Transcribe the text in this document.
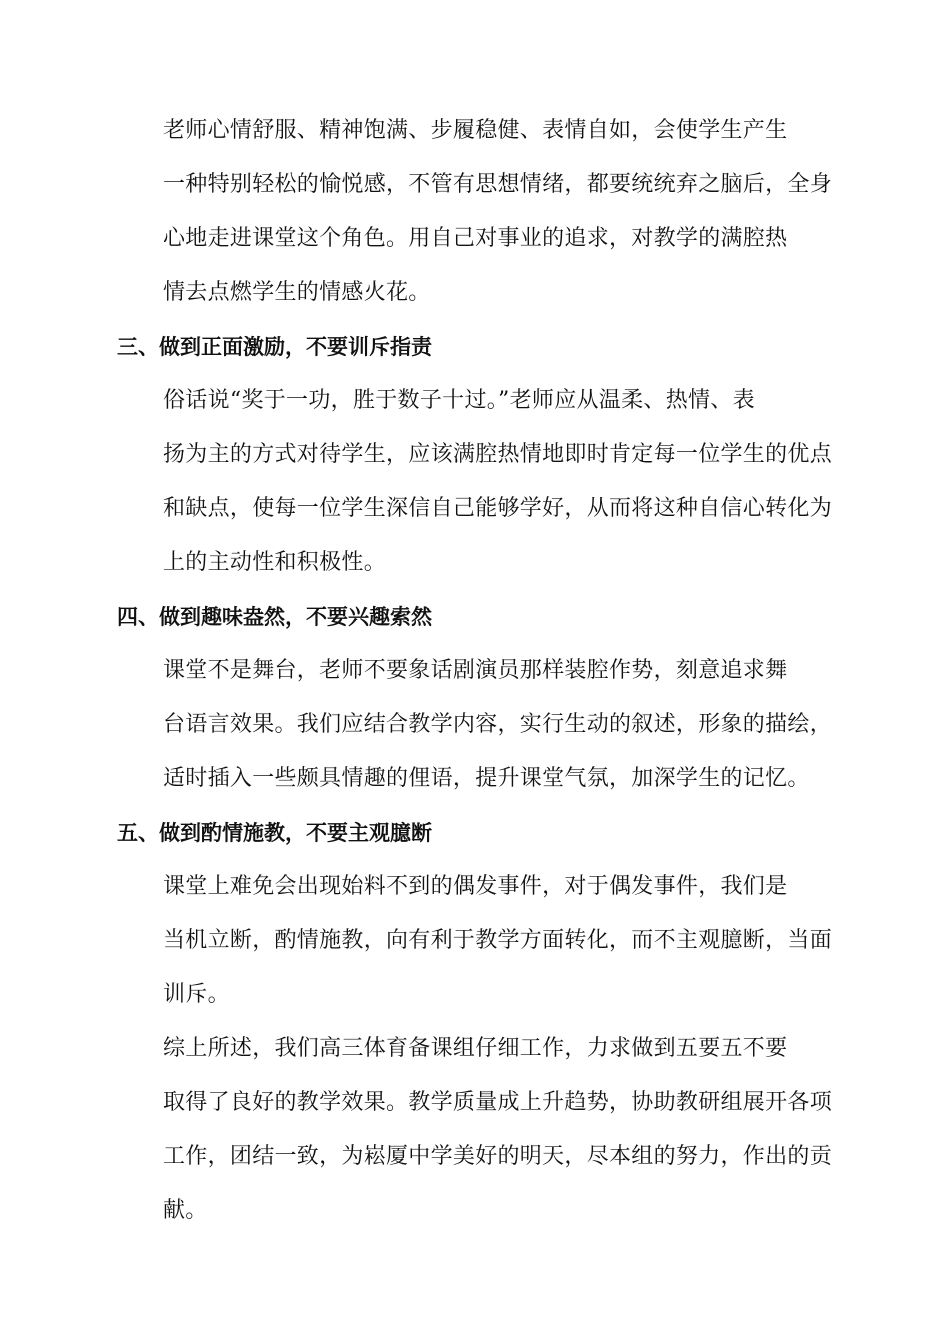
老师心情舒服、精神饱满、步履稳健、表情自如，会使学生产生
一种特别轻松的愉悦感，不管有思想情绪，都要统统弃之脑后，全身
心地走进课堂这个角色。用自己对事业的追求，对教学的满腔热
情去点燃学生的情感火花。
三、做到正面激励，不要训斥指责
俗话说“奖于一功，胜于数子十过。”老师应从温柔、热情、表
扬为主的方式对待学生，应该满腔热情地即时肯定每一位学生的优点
和缺点，使每一位学生深信自己能够学好，从而将这种自信心转化为
上的主动性和积极性。
四、做到趣味盎然，不要兴趣索然
课堂不是舞台，老师不要象话剧演员那样装腔作势，刻意追求舞
台语言效果。我们应结合教学内容，实行生动的叙述，形象的描绘，
适时插入一些颇具情趣的俚语，提升课堂气氛，加深学生的记忆。
五、做到酌情施教，不要主观臆断
课堂上难免会出现始料不到的偶发事件，对于偶发事件，我们是
当机立断，酌情施教，向有利于教学方面转化，而不主观臆断，当面
训斥。
综上所述，我们高三体育备课组仔细工作，力求做到五要五不要
取得了良好的教学效果。教学质量成上升趋势，协助教研组展开各项
工作，团结一致，为崧厦中学美好的明天，尽本组的努力，作出的贡
献。
